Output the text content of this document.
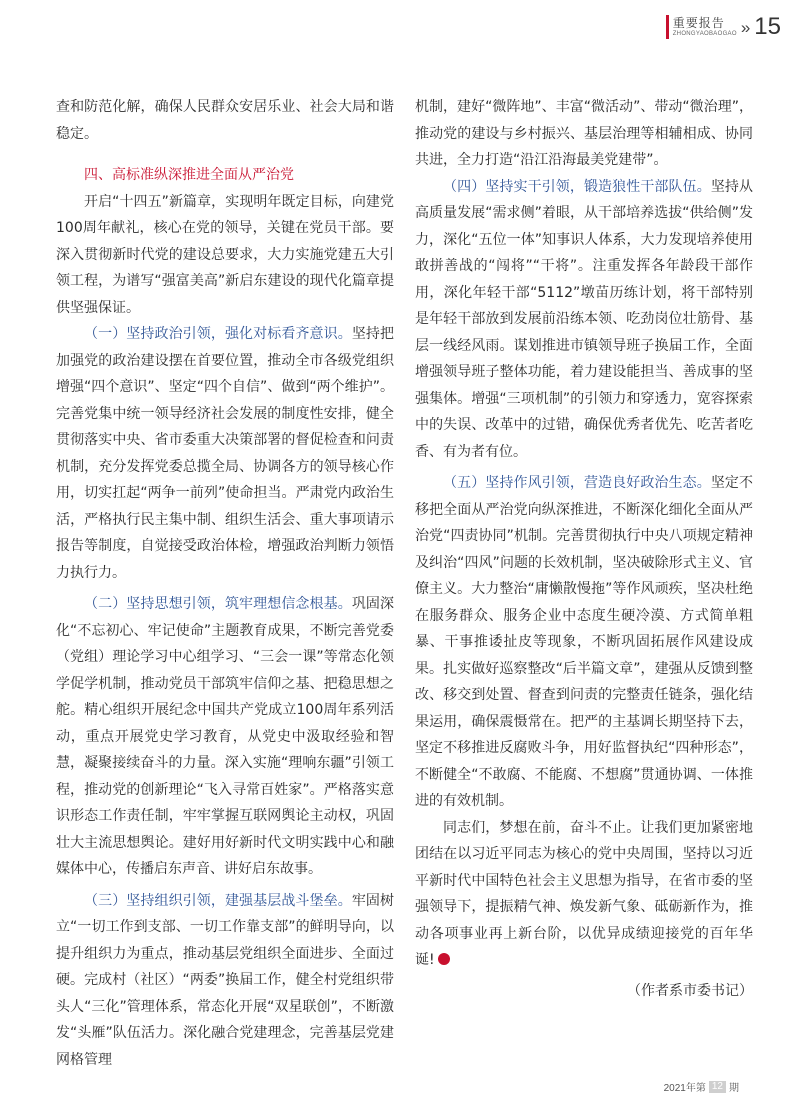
重要报告
ZHONGYAOBAOGAO » 15

查和防范化解，确保人民群众安居乐业、社会大局和谐稳定。

四、高标准纵深推进全面从严治党

开启“十四五”新篇章，实现明年既定目标，向建党100周年献礼，核心在党的领导，关键在党员干部。要深入贯彻新时代党的建设总要求，大力实施党建五大引领工程，为谱写“强富美高”新启东建设的现代化篇章提供坚强保证。

（一）坚持政治引领，强化对标看齐意识。坚持把加强党的政治建设摆在首要位置，推动全市各级党组织增强“四个意识”、坚定“四个自信”、做到“两个维护”。完善党集中统一领导经济社会发展的制度性安排，健全贯彻落实中央、省市委重大决策部署的督促检查和问责机制，充分发挥党委总揽全局、协调各方的领导核心作用，切实扛起“两争一前列”使命担当。严肃党内政治生活，严格执行民主集中制、组织生活会、重大事项请示报告等制度，自觉接受政治体检，增强政治判断力领悟力执行力。

（二）坚持思想引领，筑牢理想信念根基。巩固深化“不忘初心、牢记使命”主题教育成果，不断完善党委（党组）理论学习中心组学习、“三会一课”等常态化领学促学机制，推动党员干部筑牢信仰之基、把稳思想之舵。精心组织开展纪念中国共产党成立100周年系列活动，重点开展党史学习教育，从党史中汲取经验和智慧，凝聚接续奋斗的力量。深入实施“理响东疆”引领工程，推动党的创新理论“飞入寻常百姓家”。严格落实意识形态工作责任制，牢牢掌握互联网舆论主动权，巩固壮大主流思想舆论。建好用好新时代文明实践中心和融媒体中心，传播启东声音、讲好启东故事。

（三）坚持组织引领，建强基层战斗堡垒。牢固树立“一切工作到支部、一切工作靠支部”的鲜明导向，以提升组织力为重点，推动基层党组织全面进步、全面过硬。完成村（社区）“两委”换届工作，健全村党组织带头人“三化”管理体系，常态化开展“双星联创”，不断激发“头雁”队伍活力。深化融合党建理念，完善基层党建网格管理

机制，建好“微阵地”、丰富“微活动”、带动“微治理”，推动党的建设与乡村振兴、基层治理等相辅相成、协同共进，全力打造“沿江沿海最美党建带”。

（四）坚持实干引领，锻造狼性干部队伍。坚持从高质量发展“需求侧”着眼，从干部培养选拔“供给侧”发力，深化“五位一体”知事识人体系，大力发现培养使用敢拼善战的“闯将”“干将”。注重发挥各年龄段干部作用，深化年轻干部“5112”墩苗历练计划，将干部特别是年轻干部放到发展前沿练本领、吃劲岗位壮筋骨、基层一线经风雨。谋划推进市镇领导班子换届工作，全面增强领导班子整体功能，着力建设能担当、善成事的坚强集体。增强“三项机制”的引领力和穿透力，宽容探索中的失误、改革中的过错，确保优秀者优先、吃苦者吃香、有为者有位。

（五）坚持作风引领，营造良好政治生态。坚定不移把全面从严治党向纵深推进，不断深化细化全面从严治党“四责协同”机制。完善贯彻执行中央八项规定精神及纠治“四风”问题的长效机制，坚决破除形式主义、官僚主义。大力整治“庸懒散慢拖”等作风顽疾，坚决杜绝在服务群众、服务企业中态度生硬冷漠、方式简单粗暴、干事推诿扯皮等现象，不断巩固拓展作风建设成果。扎实做好巡察整改“后半篇文章”，建强从反馈到整改、移交到处置、督查到问责的完整责任链条，强化结果运用，确保震慑常在。把严的主基调长期坚持下去，坚定不移推进反腐败斗争，用好监督执纪“四种形态”，不断健全“不敢腐、不能腐、不想腐”贯通协调、一体推进的有效机制。

同志们，梦想在前，奋斗不止。让我们更加紧密地团结在以习近平同志为核心的党中央周围，坚持以习近平新时代中国特色社会主义思想为指导，在省市委的坚强领导下，提振精气神、焕发新气象、砥砺新作为，推动各项事业再上新台阶，以优异成绩迎接党的百年华诞!

（作者系市委书记）

2021年 第 12 期
